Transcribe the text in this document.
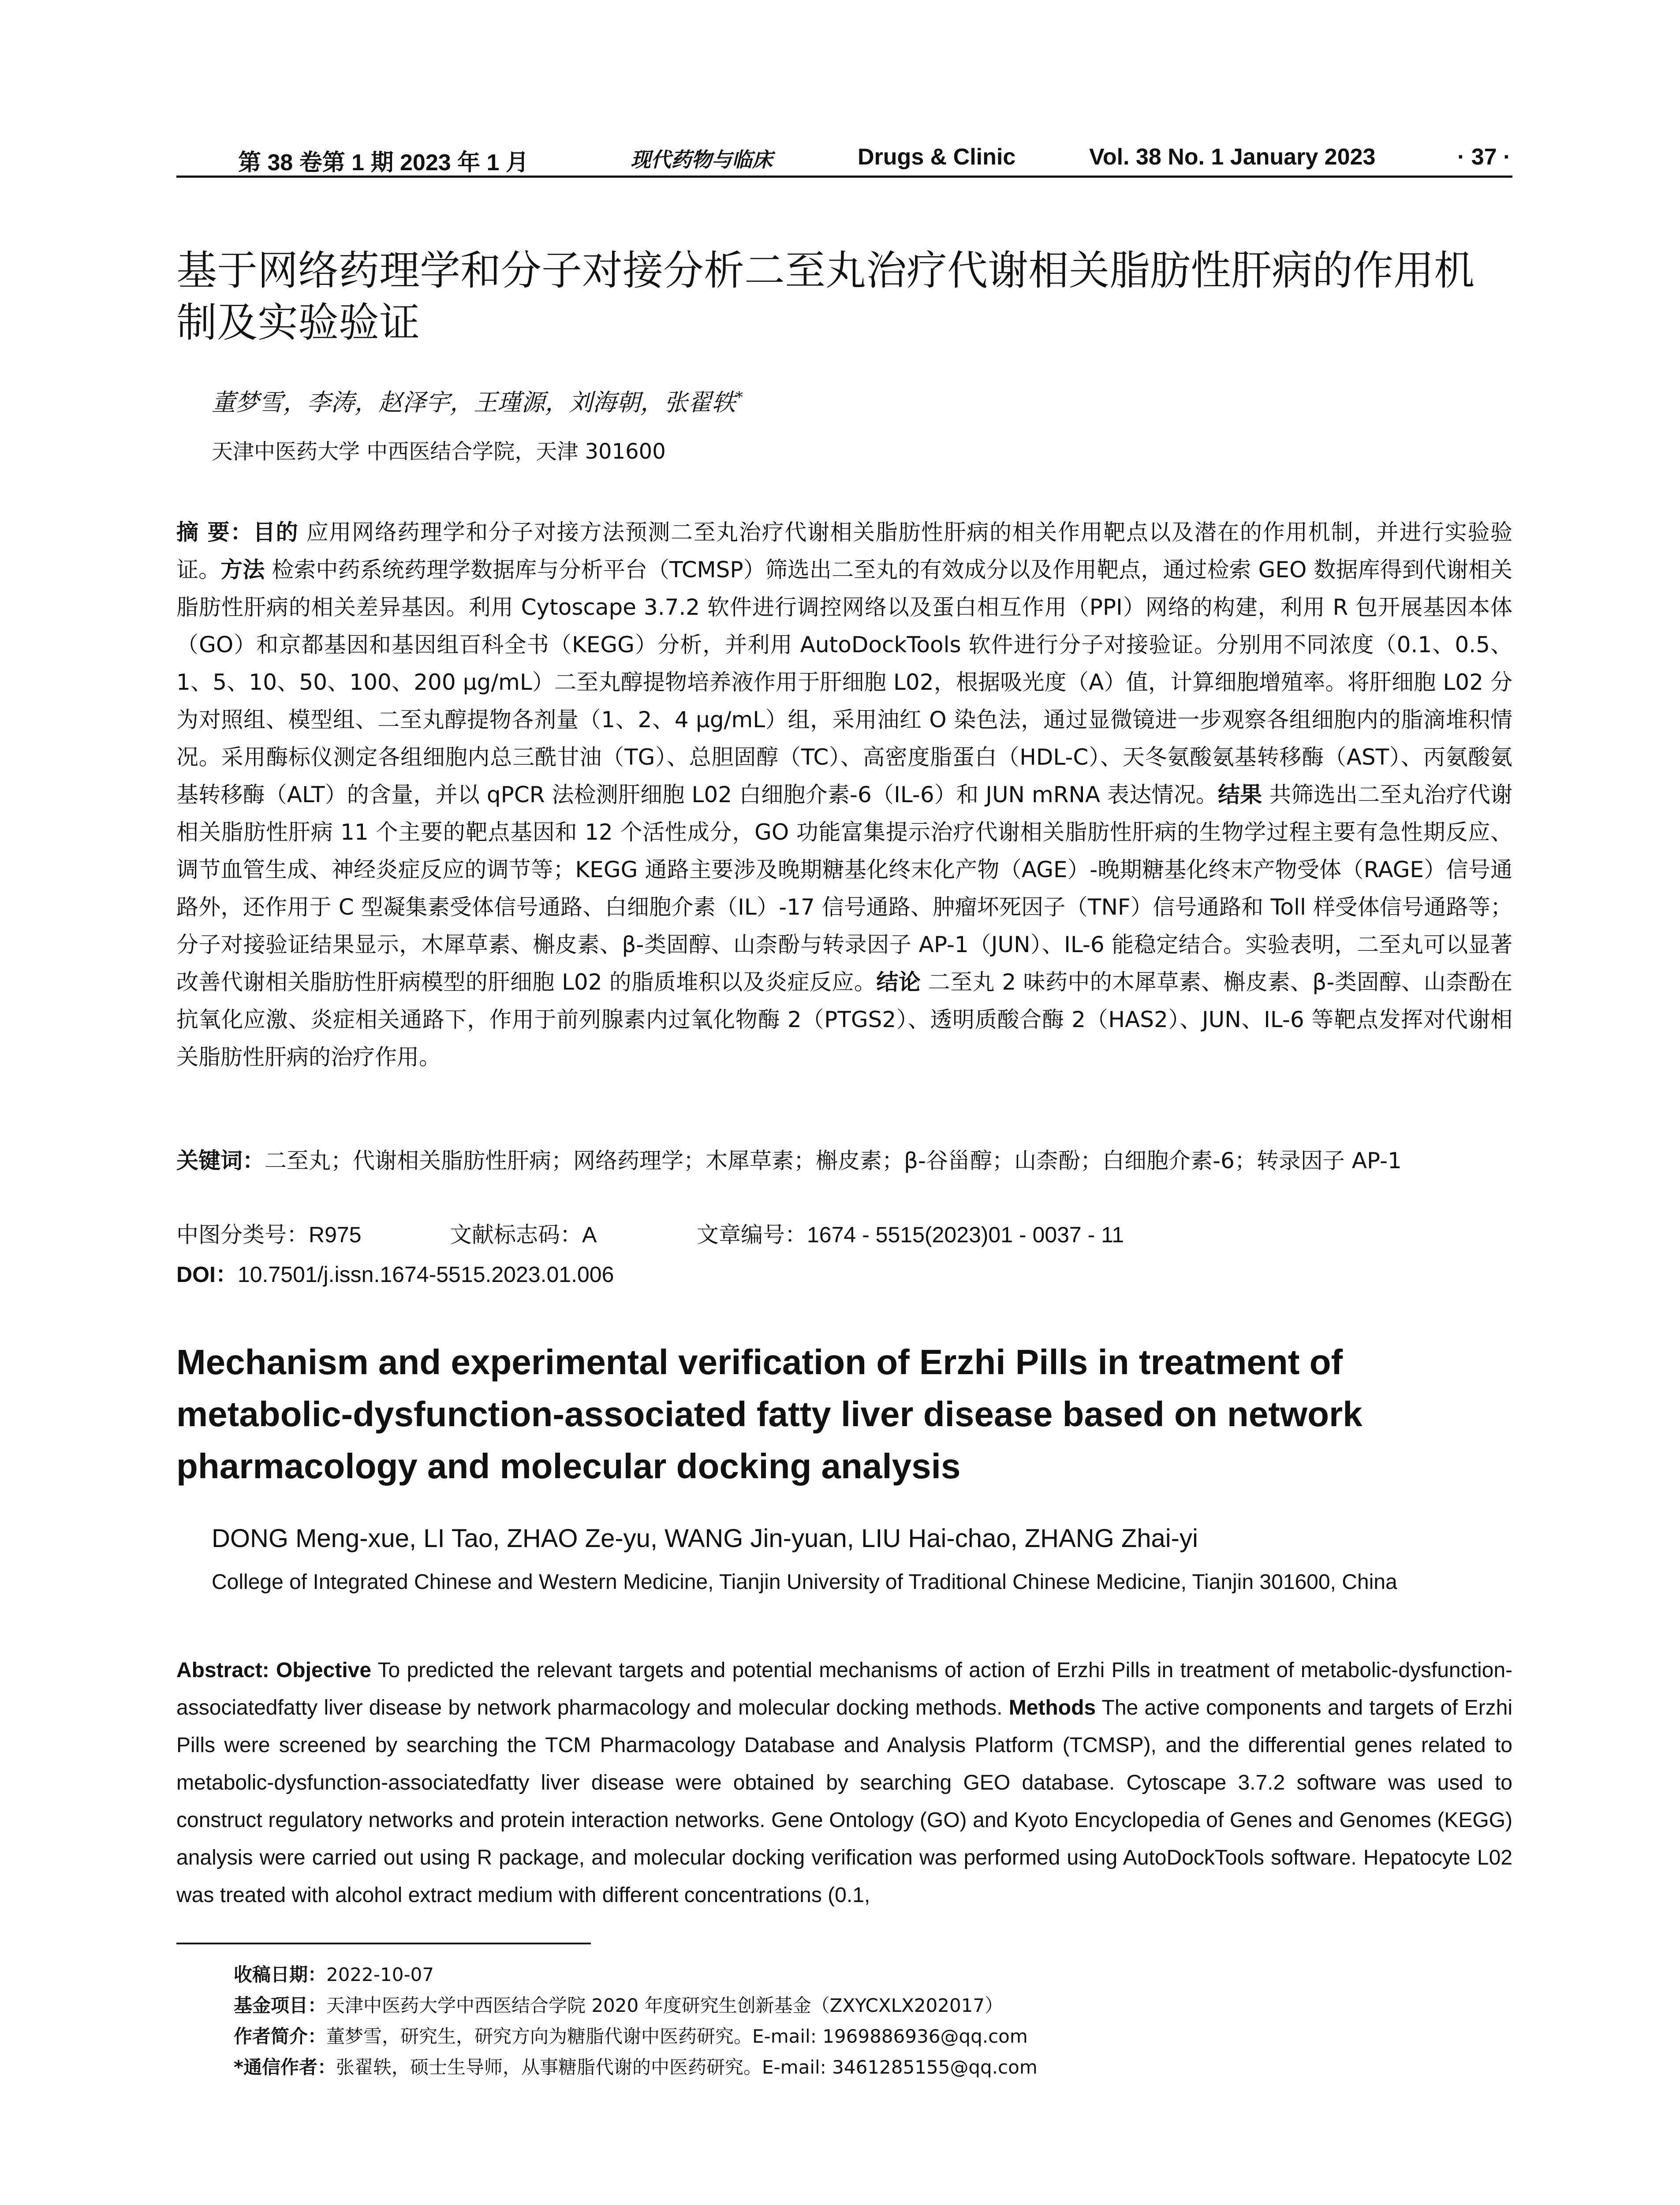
第 38 卷第 1 期 2023 年 1 月	现代药物与临床	Drugs & Clinic	Vol. 38 No. 1 January 2023	· 37 ·
基于网络药理学和分子对接分析二至丸治疗代谢相关脂肪性肝病的作用机制及实验验证
董梦雪，李涛，赵泽宇，王瑾源，刘海朝，张翟轶*
天津中医药大学 中西医结合学院，天津 301600

摘 要：目的 应用网络药理学和分子对接方法预测二至丸治疗代谢相关脂肪性肝病的相关作用靶点以及潜在的作用机制，并进行实验验证。方法 检索中药系统药理学数据库与分析平台（TCMSP）筛选出二至丸的有效成分以及作用靶点，通过检索 GEO 数据库得到代谢相关脂肪性肝病的相关差异基因。利用 Cytoscape 3.7.2 软件进行调控网络以及蛋白相互作用（PPI）网络的构建，利用 R 包开展基因本体（GO）和京都基因和基因组百科全书（KEGG）分析，并利用 AutoDockTools 软件进行分子对接验证。分别用不同浓度（0.1、0.5、1、5、10、50、100、200 μg/mL）二至丸醇提物培养液作用于肝细胞 L02，根据吸光度（A）值，计算细胞增殖率。将肝细胞 L02 分为对照组、模型组、二至丸醇提物各剂量（1、2、4 μg/mL）组，采用油红 O 染色法，通过显微镜进一步观察各组细胞内的脂滴堆积情况。采用酶标仪测定各组细胞内总三酰甘油（TG）、总胆固醇（TC）、高密度脂蛋白（HDL-C）、天冬氨酸氨基转移酶（AST）、丙氨酸氨基转移酶（ALT）的含量，并以 qPCR 法检测肝细胞 L02 白细胞介素-6（IL-6）和 JUN mRNA 表达情况。结果 共筛选出二至丸治疗代谢相关脂肪性肝病 11 个主要的靶点基因和 12 个活性成分，GO 功能富集提示治疗代谢相关脂肪性肝病的生物学过程主要有急性期反应、调节血管生成、神经炎症反应的调节等；KEGG 通路主要涉及晚期糖基化终末化产物（AGE）-晚期糖基化终末产物受体（RAGE）信号通路外，还作用于 C 型凝集素受体信号通路、白细胞介素（IL）-17 信号通路、肿瘤坏死因子（TNF）信号通路和 Toll 样受体信号通路等；分子对接验证结果显示，木犀草素、槲皮素、β-类固醇、山柰酚与转录因子 AP-1（JUN）、IL-6 能稳定结合。实验表明，二至丸可以显著改善代谢相关脂肪性肝病模型的肝细胞 L02 的脂质堆积以及炎症反应。结论 二至丸 2 味药中的木犀草素、槲皮素、β-类固醇、山柰酚在抗氧化应激、炎症相关通路下，作用于前列腺素内过氧化物酶 2（PTGS2）、透明质酸合酶 2（HAS2）、JUN、IL-6 等靶点发挥对代谢相关脂肪性肝病的治疗作用。

关键词：二至丸；代谢相关脂肪性肝病；网络药理学；木犀草素；槲皮素；β-谷甾醇；山柰酚；白细胞介素-6；转录因子 AP-1

中图分类号：R975	文献标志码：A	文章编号：1674 - 5515(2023)01 - 0037 - 11
DOI：10.7501/j.issn.1674-5515.2023.01.006
Mechanism and experimental verification of Erzhi Pills in treatment of metabolic-dysfunction-associated fatty liver disease based on network pharmacology and molecular docking analysis
DONG Meng-xue, LI Tao, ZHAO Ze-yu, WANG Jin-yuan, LIU Hai-chao, ZHANG Zhai-yi
College of Integrated Chinese and Western Medicine, Tianjin University of Traditional Chinese Medicine, Tianjin 301600, China

Abstract: Objective To predicted the relevant targets and potential mechanisms of action of Erzhi Pills in treatment of metabolic-dysfunction-associatedfatty liver disease by network pharmacology and molecular docking methods. Methods The active components and targets of Erzhi Pills were screened by searching the TCM Pharmacology Database and Analysis Platform (TCMSP), and the differential genes related to metabolic-dysfunction-associatedfatty liver disease were obtained by searching GEO database. Cytoscape 3.7.2 software was used to construct regulatory networks and protein interaction networks. Gene Ontology (GO) and Kyoto Encyclopedia of Genes and Genomes (KEGG) analysis were carried out using R package, and molecular docking verification was performed using AutoDockTools software. Hepatocyte L02 was treated with alcohol extract medium with different concentrations (0.1,

收稿日期：2022-10-07
基金项目：天津中医药大学中西医结合学院 2020 年度研究生创新基金（ZXYCXLX202017）
作者简介：董梦雪，研究生，研究方向为糖脂代谢中医药研究。E-mail: 1969886936@qq.com
*通信作者：张翟轶，硕士生导师，从事糖脂代谢的中医药研究。E-mail: 3461285155@qq.com
